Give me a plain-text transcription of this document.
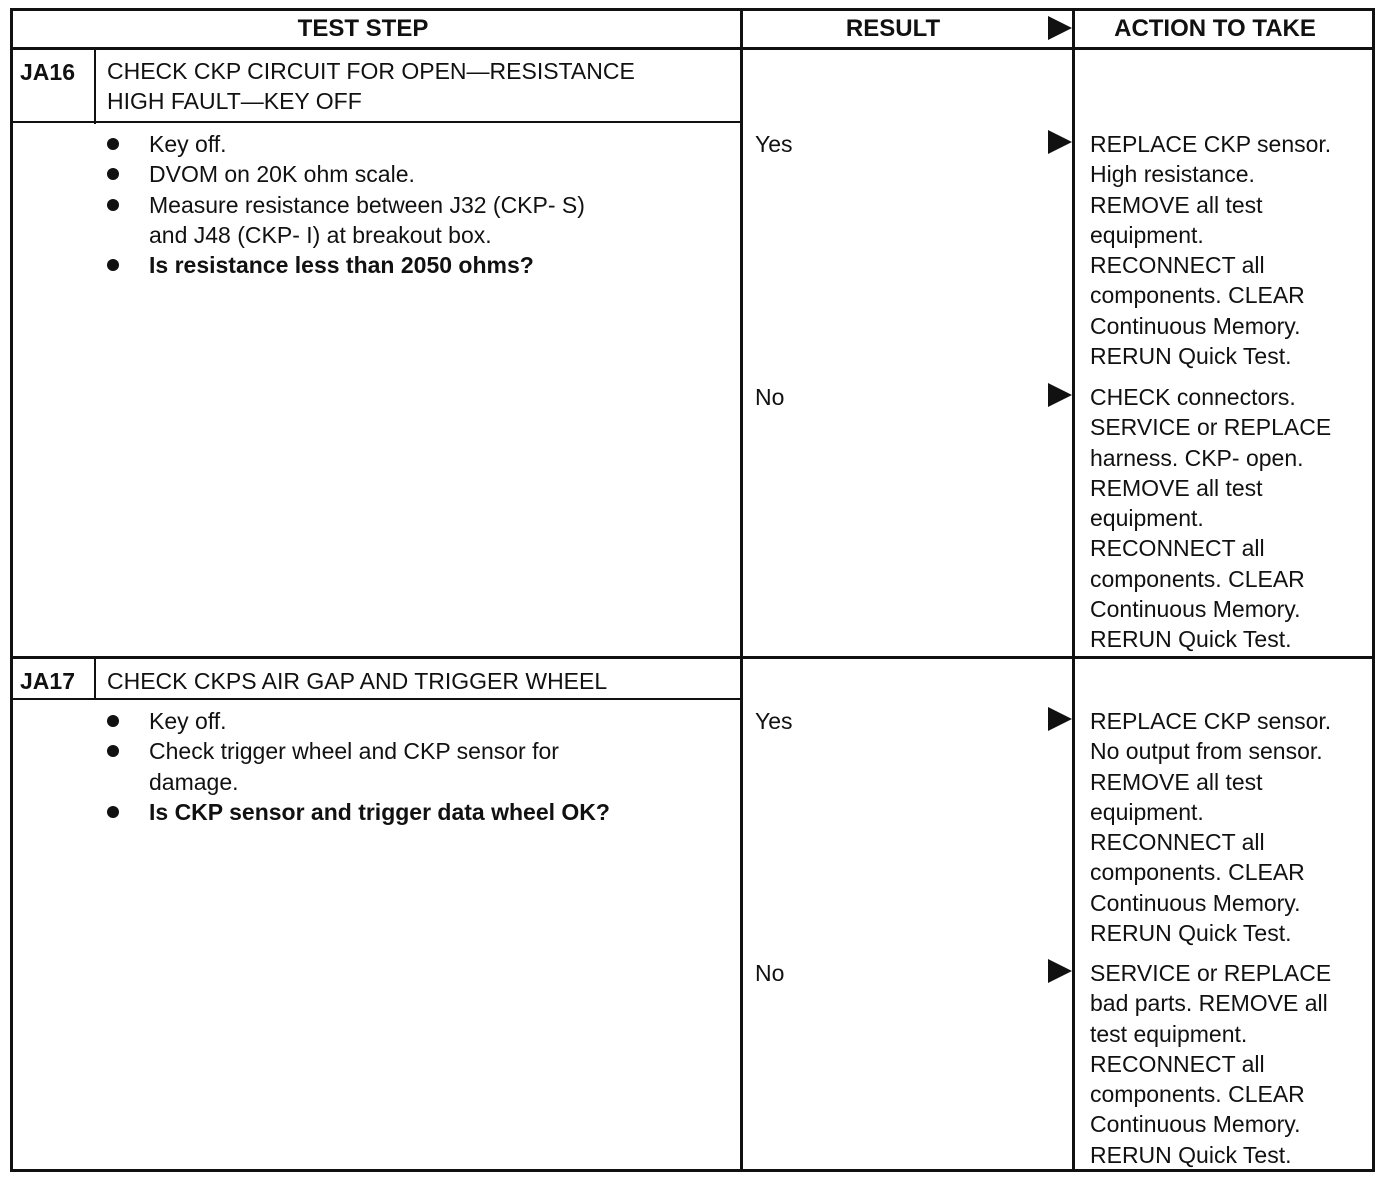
TEST STEP	RESULT	ACTION TO TAKE
JA16 CHECK CKP CIRCUIT FOR OPEN—RESISTANCE
HIGH FAULT—KEY OFF
Key off.
DVOM on 20K ohm scale.
Measure resistance between J32 (CKP- S)
and J48 (CKP- I) at breakout box.
Is resistance less than 2050 ohms?
Yes	REPLACE CKP sensor.
High resistance.
REMOVE all test
equipment.
RECONNECT all
components. CLEAR
Continuous Memory.
RERUN Quick Test.
No	CHECK connectors.
SERVICE or REPLACE
harness. CKP- open.
REMOVE all test
equipment.
RECONNECT all
components. CLEAR
Continuous Memory.
RERUN Quick Test.
JA17 CHECK CKPS AIR GAP AND TRIGGER WHEEL
Key off.
Check trigger wheel and CKP sensor for
damage.
Is CKP sensor and trigger data wheel OK?
Yes	REPLACE CKP sensor.
No output from sensor.
REMOVE all test
equipment.
RECONNECT all
components. CLEAR
Continuous Memory.
RERUN Quick Test.
No	SERVICE or REPLACE
bad parts. REMOVE all
test equipment.
RECONNECT all
components. CLEAR
Continuous Memory.
RERUN Quick Test.
